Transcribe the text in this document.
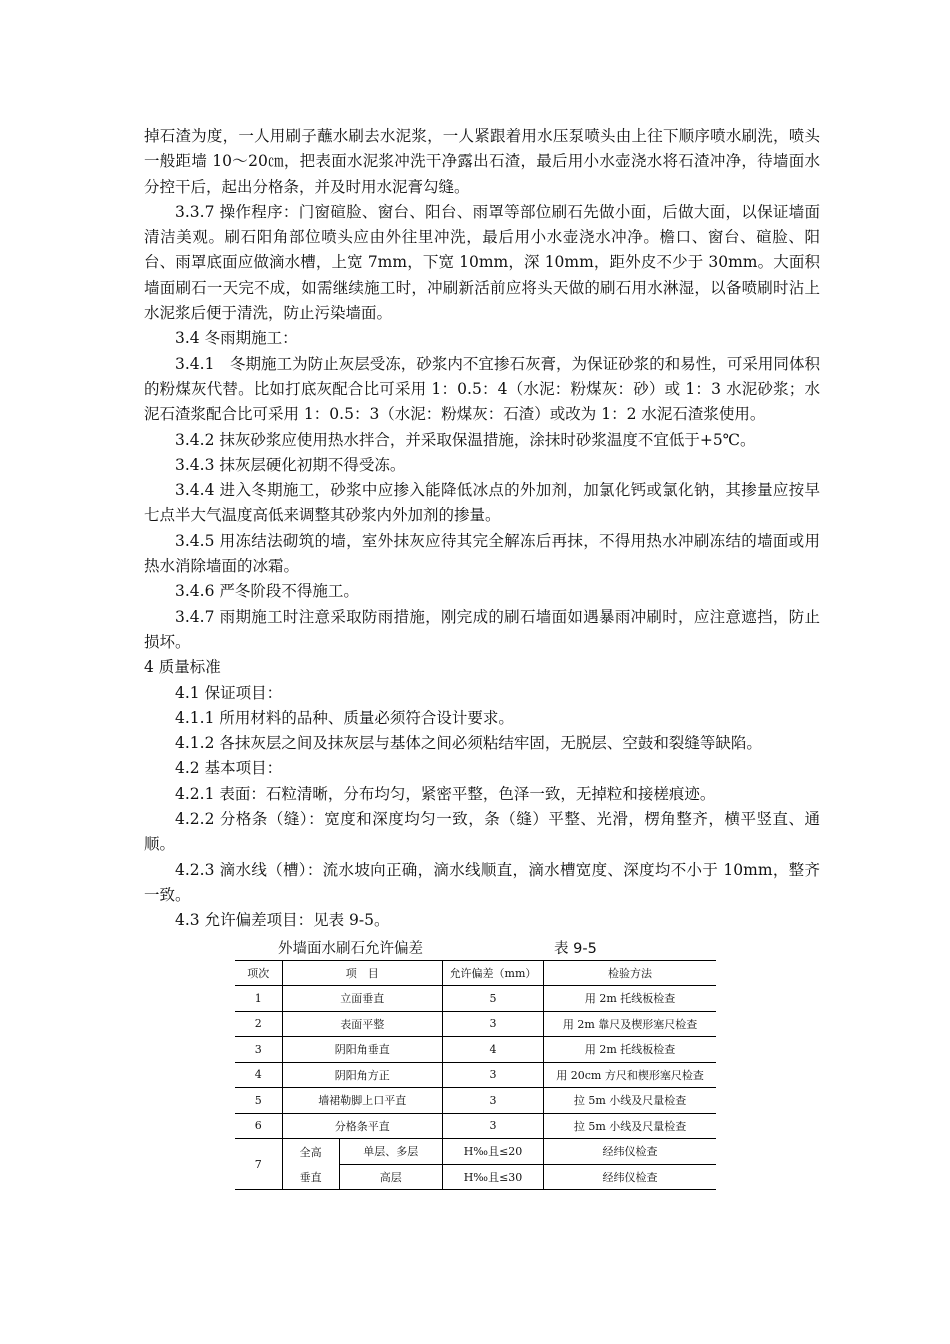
掉石渣为度，一人用刷子蘸水刷去水泥浆，一人紧跟着用水压泵喷头由上往下顺序喷水刷洗，喷头一般距墙 10～20㎝，把表面水泥浆冲洗干净露出石渣，最后用小水壶浇水将石渣冲净，待墙面水分控干后，起出分格条，并及时用水泥膏勾缝。

3.3.7 操作程序：门窗碹脸、窗台、阳台、雨罩等部位刷石先做小面，后做大面，以保证墙面清洁美观。刷石阳角部位喷头应由外往里冲洗，最后用小水壶浇水冲净。檐口、窗台、碹脸、阳台、雨罩底面应做滴水槽，上宽 7mm，下宽 10mm，深 10mm，距外皮不少于 30mm。大面积墙面刷石一天完不成，如需继续施工时，冲刷新活前应将头天做的刷石用水淋湿，以备喷刷时沾上水泥浆后便于清洗，防止污染墙面。

3.4 冬雨期施工：

3.4.1　冬期施工为防止灰层受冻，砂浆内不宜掺石灰膏，为保证砂浆的和易性，可采用同体积的粉煤灰代替。比如打底灰配合比可采用 1：0.5：4（水泥：粉煤灰：砂）或 1：3 水泥砂浆；水泥石渣浆配合比可采用 1：0.5：3（水泥：粉煤灰：石渣）或改为 1：2 水泥石渣浆使用。

3.4.2 抹灰砂浆应使用热水拌合，并采取保温措施，涂抹时砂浆温度不宜低于+5℃。

3.4.3 抹灰层硬化初期不得受冻。

3.4.4 进入冬期施工，砂浆中应掺入能降低冰点的外加剂，加氯化钙或氯化钠，其掺量应按早七点半大气温度高低来调整其砂浆内外加剂的掺量。

3.4.5 用冻结法砌筑的墙，室外抹灰应待其完全解冻后再抹，不得用热水冲刷冻结的墙面或用热水消除墙面的冰霜。

3.4.6 严冬阶段不得施工。

3.4.7 雨期施工时注意采取防雨措施，刚完成的刷石墙面如遇暴雨冲刷时，应注意遮挡，防止损坏。

4 质量标准

4.1 保证项目：

4.1.1 所用材料的品种、质量必须符合设计要求。

4.1.2 各抹灰层之间及抹灰层与基体之间必须粘结牢固，无脱层、空鼓和裂缝等缺陷。

4.2 基本项目：

4.2.1 表面：石粒清晰，分布均匀，紧密平整，色泽一致，无掉粒和接槎痕迹。

4.2.2 分格条（缝）：宽度和深度均匀一致，条（缝）平整、光滑，楞角整齐，横平竖直、通顺。

4.2.3 滴水线（槽）：流水坡向正确，滴水线顺直，滴水槽宽度、深度均不小于 10mm，整齐一致。

4.3 允许偏差项目：见表 9-5。

外墙面水刷石允许偏差	表 9-5
项次	项　目		允许偏差（mm）	检验方法
1	立面垂直		5	用 2m 托线板检查
2	表面平整		3	用 2m 靠尺及楔形塞尺检查
3	阴阳角垂直		4	用 2m 托线板检查
4	阴阳角方正		3	用 20cm 方尺和楔形塞尺检查
5	墙裙勒脚上口平直		3	拉 5m 小线及尺量检查
6	分格条平直		3	拉 5m 小线及尺量检查
7	全高	单层、多层	H‰且≤20	经纬仪检查
	垂直	高层	H‰且≤30	经纬仪检查
